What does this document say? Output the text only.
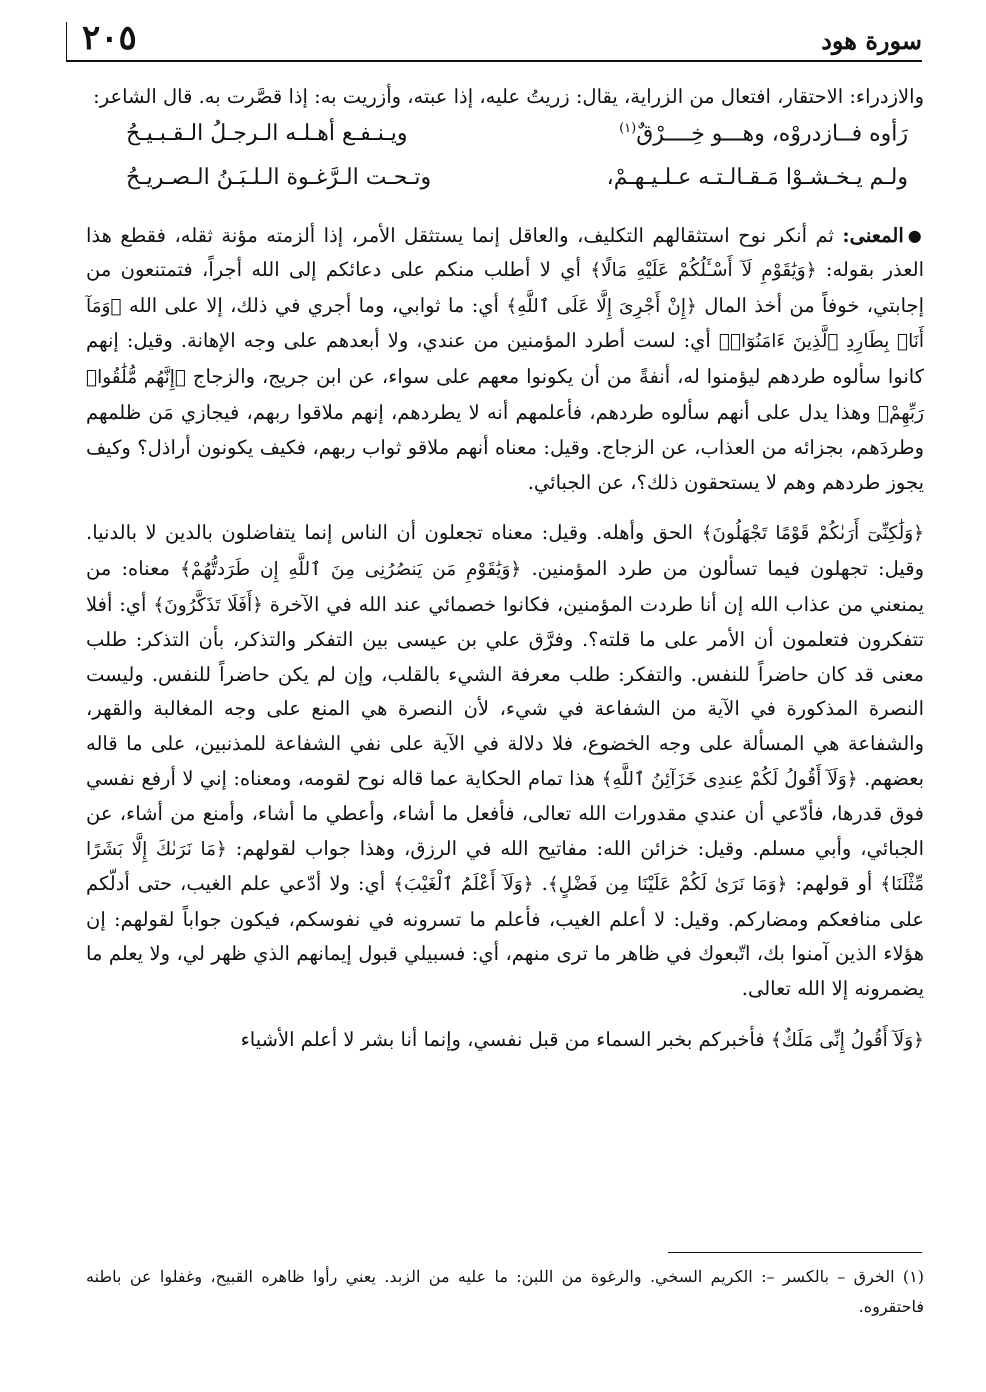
٢٠٥	سورة هود

والازدراء: الاحتقار، افتعال من الزراية، يقال: زريتُ عليه، إذا عبته، وأزريت به: إذا قصَّرت به. قال الشاعر:

رَأوه فــازدروْه، وهـــو خِــــرْقٌ$^{(١)}$
ويـنـفـع أهـلـه الـرجـلُ الـقـبـيـحُ
ولـم يـخـشـوْا مَـقـالـتـه عـلـيـهـمْ،
وتـحـت الـرَّغـوة الـلـبَـنُ الـصـريـحُ

●المعنى: ثم أنكر نوح استثقالهم التكليف، والعاقل إنما يستثقل الأمر، إذا ألزمته مؤنة ثقله، فقطع هذا العذر بقوله: ﴿وَيَٰقَوْمِ لَآ أَسْـَٔلُكُمْ عَلَيْهِ مَالًا﴾ أي لا أطلب منكم على دعائكم إلى الله أجراً، فتمتنعون من إجابتي، خوفاً من أخذ المال ﴿إِنْ أَجْرِىَ إِلَّا عَلَى ٱللَّهِ﴾ أي: ما ثوابي، وما أجري في ذلك، إلا على الله ﴿وَمَآ أَنَا۠ بِطَارِدِ ٱلَّذِينَ ءَامَنُوٓا۟﴾ أي: لست أطرد المؤمنين من عندي، ولا أبعدهم على وجه الإهانة. وقيل: إنهم كانوا سألوه طردهم ليؤمنوا له، أنفةً من أن يكونوا معهم على سواء، عن ابن جريج، والزجاج ﴿إِنَّهُم مُّلَٰقُوا۟ رَبِّهِمْ﴾ وهذا يدل على أنهم سألوه طردهم، فأعلمهم أنه لا يطردهم، إنهم ملاقوا ربهم، فيجازي مَن ظلمهم وطردَهم، بجزائه من العذاب، عن الزجاج. وقيل: معناه أنهم ملاقو ثواب ربهم، فكيف يكونون أراذل؟ وكيف يجوز طردهم وهم لا يستحقون ذلك؟، عن الجبائي.

﴿وَلَٰكِنِّىٓ أَرَىٰكُمْ قَوْمًا تَجْهَلُونَ﴾ الحق وأهله. وقيل: معناه تجعلون أن الناس إنما يتفاضلون بالدين لا بالدنيا. وقيل: تجهلون فيما تسألون من طرد المؤمنين. ﴿وَيَٰقَوْمِ مَن يَنصُرُنِى مِنَ ٱللَّهِ إِن طَرَدتُّهُمْ﴾ معناه: من يمنعني من عذاب الله إن أنا طردت المؤمنين، فكانوا خصمائي عند الله في الآخرة ﴿أَفَلَا تَذَكَّرُونَ﴾ أي: أفلا تتفكرون فتعلمون أن الأمر على ما قلته؟. وفرَّق علي بن عيسى بين التفكر والتذكر، بأن التذكر: طلب معنى قد كان حاضراً للنفس. والتفكر: طلب معرفة الشيء بالقلب، وإن لم يكن حاضراً للنفس. وليست النصرة المذكورة في الآية من الشفاعة في شيء، لأن النصرة هي المنع على وجه المغالبة والقهر، والشفاعة هي المسألة على وجه الخضوع، فلا دلالة في الآية على نفي الشفاعة للمذنبين، على ما قاله بعضهم. ﴿وَلَآ أَقُولُ لَكُمْ عِندِى خَزَآئِنُ ٱللَّهِ﴾ هذا تمام الحكاية عما قاله نوح لقومه، ومعناه: إني لا أرفع نفسي فوق قدرها، فأدّعي أن عندي مقدورات الله تعالى، فأفعل ما أشاء، وأعطي ما أشاء، وأمنع من أشاء، عن الجبائي، وأبي مسلم. وقيل: خزائن الله: مفاتيح الله في الرزق، وهذا جواب لقولهم: ﴿مَا نَرَىٰكَ إِلَّا بَشَرًا مِّثْلَنَا﴾ أو قولهم: ﴿وَمَا نَرَىٰ لَكُمْ عَلَيْنَا مِن فَضْلٍ﴾. ﴿وَلَآ أَعْلَمُ ٱلْغَيْبَ﴾ أي: ولا أدّعي علم الغيب، حتى أدلّكم على منافعكم ومضاركم. وقيل: لا أعلم الغيب، فأعلم ما تسرونه في نفوسكم، فيكون جواباً لقولهم: إن هؤلاء الذين آمنوا بك، اتّبعوك في ظاهر ما ترى منهم، أي: فسبيلي قبول إيمانهم الذي ظهر لي، ولا يعلم ما يضمرونه إلا الله تعالى.

﴿وَلَآ أَقُولُ إِنِّى مَلَكٌ﴾ فأخبركم بخبر السماء من قبل نفسي، وإنما أنا بشر لا أعلم الأشياء

(١) الخرق – بالكسر –: الكريم السخي. والرغوة من اللبن: ما عليه من الزبد. يعني رأوا ظاهره القبيح، وغفلوا عن باطنه فاحتقروه.
